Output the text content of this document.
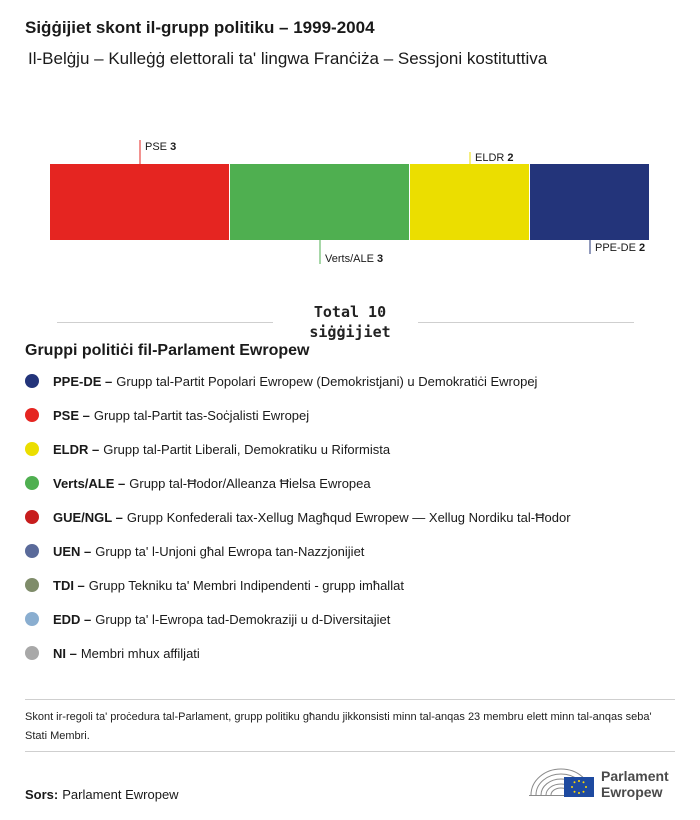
Siġġijiet skont il-grupp politiku – 1999-2004
Il-Belġju – Kulleġġ elettorali ta' lingwa Franċiża – Sessjoni kostituttiva
PSE 3
Verts/ALE 3
ELDR 2
PPE-DE 2
Total 10
siġġijiet
Gruppi politiċi fil-Parlament Ewropew
PPE-DE – Grupp tal-Partit Popolari Ewropew (Demokristjani) u Demokratiċi Ewropej
PSE – Grupp tal-Partit tas-Soċjalisti Ewropej
ELDR – Grupp tal-Partit Liberali, Demokratiku u Riformista
Verts/ALE – Grupp tal-Ħodor/Alleanza Ħielsa Ewropea
GUE/NGL – Grupp Konfederali tax-Xellug Magħqud Ewropew — Xellug Nordiku tal-Ħodor
UEN – Grupp ta' l-Unjoni għal Ewropa tan-Nazzjonijiet
TDI – Grupp Tekniku ta' Membri Indipendenti - grupp imħallat
EDD – Grupp ta' l-Ewropa tad-Demokraziji u d-Diversitajiet
NI – Membri mhux affiljati
Skont ir-regoli ta' proċedura tal-Parlament, grupp politiku għandu jikkonsisti minn tal-anqas 23 membru elett minn tal-anqas seba' Stati Membri.
Sors: Parlament Ewropew
Parlament
Ewropew
